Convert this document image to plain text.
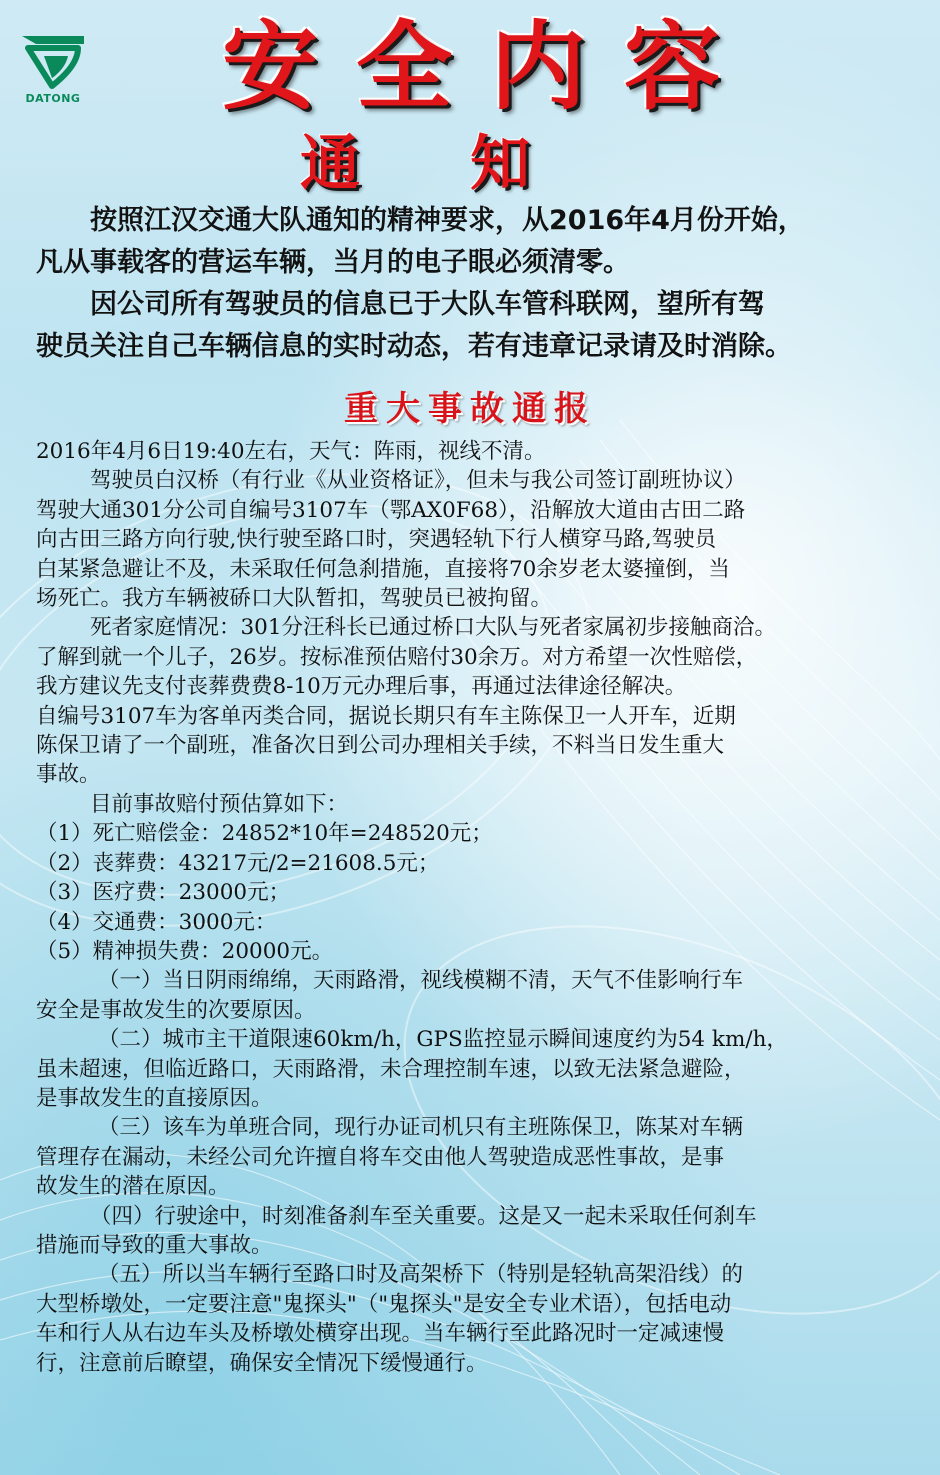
DATONG	安全内容
通知

按照江汉交通大队通知的精神要求，从2016年4月份开始，
凡从事载客的营运车辆，当月的电子眼必须清零。

因公司所有驾驶员的信息已于大队车管科联网，望所有驾
驶员关注自己车辆信息的实时动态，若有违章记录请及时消除。

重大事故通报
2016年4月6日19:40左右，天气：阵雨，视线不清。
驾驶员白汉桥（有行业《从业资格证》，但未与我公司签订副班协议）
驾驶大通301分公司自编号3107车（鄂AX0F68），沿解放大道由古田二路
向古田三路方向行驶,快行驶至路口时，突遇轻轨下行人横穿马路,驾驶员
白某紧急避让不及，未采取任何急刹措施，直接将70余岁老太婆撞倒，当
场死亡。我方车辆被硚口大队暂扣，驾驶员已被拘留。
死者家庭情况：301分汪科长已通过桥口大队与死者家属初步接触商洽。
了解到就一个儿子，26岁。按标准预估赔付30余万。对方希望一次性赔偿，
我方建议先支付丧葬费费8-10万元办理后事，再通过法律途径解决。
自编号3107车为客单丙类合同，据说长期只有车主陈保卫一人开车，近期
陈保卫请了一个副班，准备次日到公司办理相关手续，不料当日发生重大
事故。
目前事故赔付预估算如下：
（1）死亡赔偿金：24852*10年=248520元；
（2）丧葬费：43217元/2=21608.5元；
（3）医疗费：23000元；
（4）交通费：3000元：
（5）精神损失费：20000元。
（一）当日阴雨绵绵，天雨路滑，视线模糊不清，天气不佳影响行车
安全是事故发生的次要原因。
（二）城市主干道限速60km/h，GPS监控显示瞬间速度约为54 km/h，
虽未超速，但临近路口，天雨路滑，未合理控制车速，以致无法紧急避险，
是事故发生的直接原因。
（三）该车为单班合同，现行办证司机只有主班陈保卫，陈某对车辆
管理存在漏动，未经公司允许擅自将车交由他人驾驶造成恶性事故，是事
故发生的潜在原因。
（四）行驶途中，时刻准备刹车至关重要。这是又一起未采取任何刹车
措施而导致的重大事故。
（五）所以当车辆行至路口时及高架桥下（特别是轻轨高架沿线）的
大型桥墩处，一定要注意"鬼探头"（"鬼探头"是安全专业术语），包括电动
车和行人从右边车头及桥墩处横穿出现。当车辆行至此路况时一定减速慢
行，注意前后瞭望，确保安全情况下缓慢通行。
